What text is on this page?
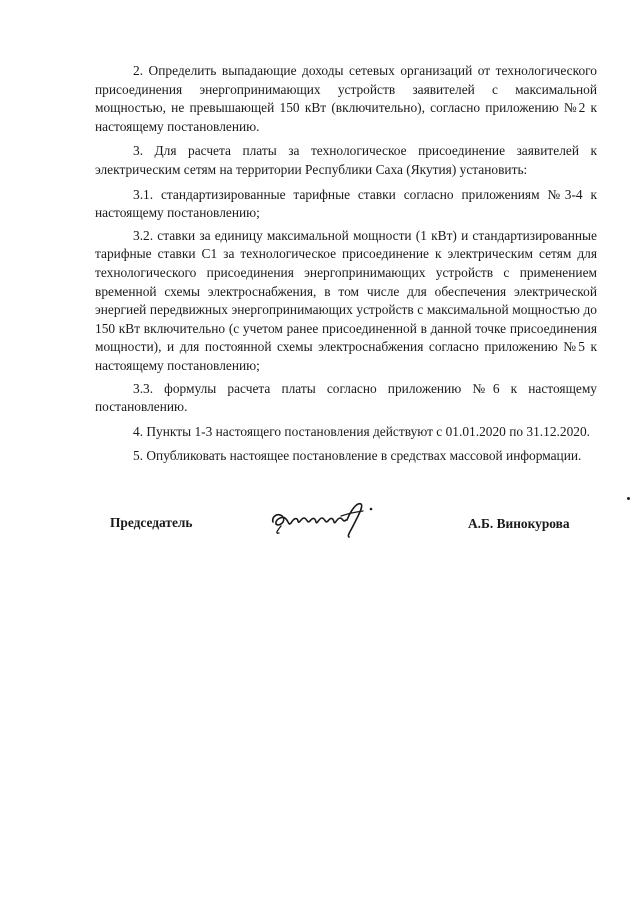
2. Определить выпадающие доходы сетевых организаций от технологического присоединения энергопринимающих устройств заявителей с максимальной мощностью, не превышающей 150 кВт (включительно), согласно приложению №2 к настоящему постановлению.

3. Для расчета платы за технологическое присоединение заявителей к электрическим сетям на территории Республики Саха (Якутия) установить:

3.1. стандартизированные тарифные ставки согласно приложениям №3-4 к настоящему постановлению;

3.2. ставки за единицу максимальной мощности (1 кВт) и стандартизированные тарифные ставки С1 за технологическое присоединение к электрическим сетям для технологического присоединения энергопринимающих устройств с применением временной схемы электроснабжения, в том числе для обеспечения электрической энергией передвижных энергопринимающих устройств с максимальной мощностью до 150 кВт включительно (с учетом ранее присоединенной в данной точке присоединения мощности), и для постоянной схемы электроснабжения согласно приложению №5 к настоящему постановлению;

3.3. формулы расчета платы согласно приложению №6 к настоящему постановлению.

4. Пункты 1-3 настоящего постановления действуют с 01.01.2020 по 31.12.2020.

5. Опубликовать настоящее постановление в средствах массовой информации.

Председатель	А.Б. Винокурова
